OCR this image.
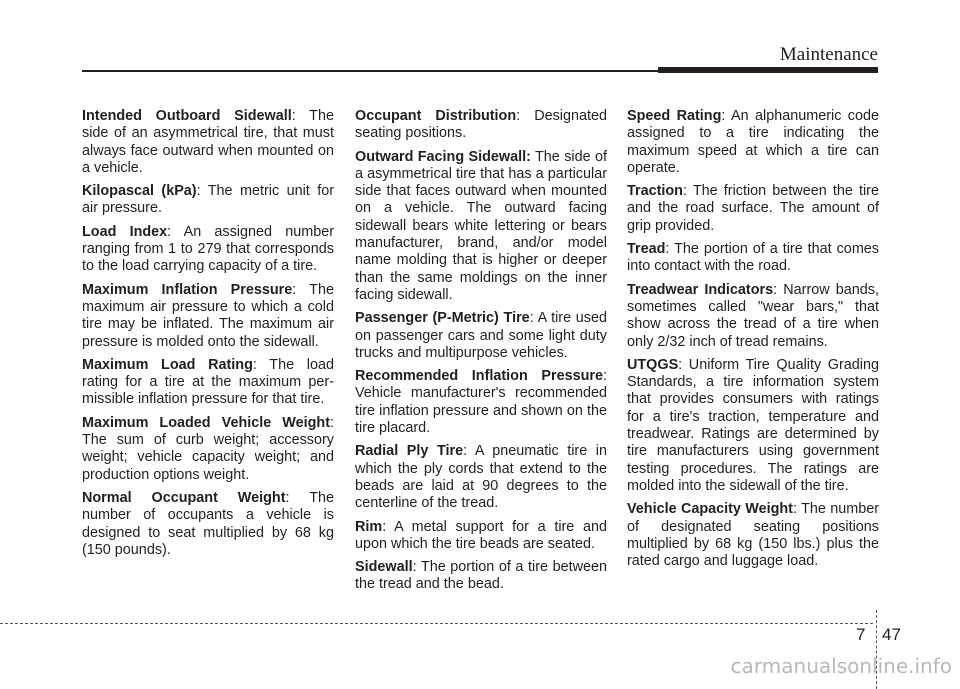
Maintenance

Intended Outboard Sidewall: The side of an asymmetrical tire, that must always face outward when mounted on a vehicle.

Kilopascal (kPa): The metric unit for air pressure.

Load Index: An assigned number ranging from 1 to 279 that corresponds to the load carrying capacity of a tire.

Maximum Inflation Pressure: The maximum air pressure to which a cold tire may be inflated. The maximum air pressure is molded onto the sidewall.

Maximum Load Rating: The load rating for a tire at the maximum permissible inflation pressure for that tire.

Maximum Loaded Vehicle Weight: The sum of curb weight; accessory weight; vehicle capacity weight; and production options weight.

Normal Occupant Weight: The number of occupants a vehicle is designed to seat multiplied by 68 kg (150 pounds).

Occupant Distribution: Designated seating positions.

Outward Facing Sidewall: The side of a asymmetrical tire that has a particular side that faces outward when mounted on a vehicle. The outward facing sidewall bears white lettering or bears manufacturer, brand, and/or model name molding that is higher or deeper than the same moldings on the inner facing sidewall.

Passenger (P-Metric) Tire: A tire used on passenger cars and some light duty trucks and multipurpose vehicles.

Recommended Inflation Pressure: Vehicle manufacturer's recommended tire inflation pressure and shown on the tire placard.

Radial Ply Tire: A pneumatic tire in which the ply cords that extend to the beads are laid at 90 degrees to the centerline of the tread.

Rim: A metal support for a tire and upon which the tire beads are seated.

Sidewall: The portion of a tire between the tread and the bead.

Speed Rating: An alphanumeric code assigned to a tire indicating the maximum speed at which a tire can operate.

Traction: The friction between the tire and the road surface. The amount of grip provided.

Tread: The portion of a tire that comes into contact with the road.

Treadwear Indicators: Narrow bands, sometimes called "wear bars," that show across the tread of a tire when only 2/32 inch of tread remains.

UTQGS: Uniform Tire Quality Grading Standards, a tire information system that provides consumers with ratings for a tire's traction, temperature and treadwear. Ratings are determined by tire manufacturers using government testing procedures. The ratings are molded into the sidewall of the tire.

Vehicle Capacity Weight: The number of designated seating positions multiplied by 68 kg (150 lbs.) plus the rated cargo and luggage load.

7 47
carmanualsonline.info
